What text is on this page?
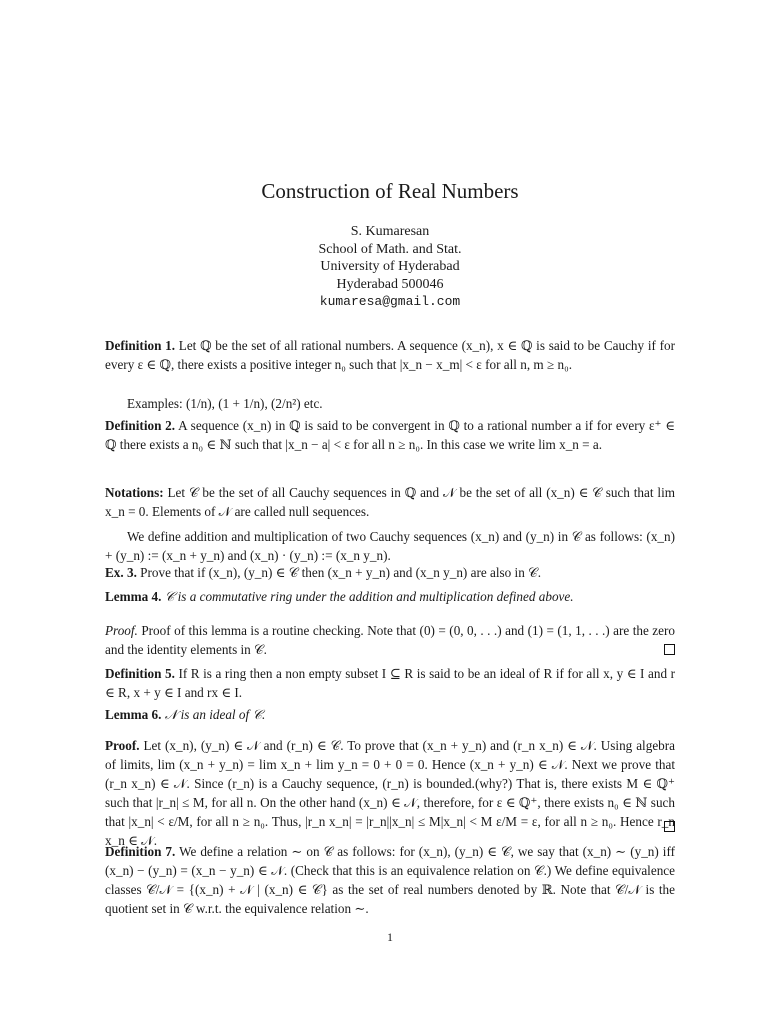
Construction of Real Numbers
S. Kumaresan
School of Math. and Stat.
University of Hyderabad
Hyderabad 500046
kumaresa@gmail.com

Definition 1. Let ℚ be the set of all rational numbers. A sequence (x_n), x ∈ ℚ is said to be Cauchy if for every ε ∈ ℚ, there exists a positive integer n₀ such that |x_n − x_m| < ε for all n, m ≥ n₀.

Examples: (1/n), (1 + 1/n), (2/n²) etc.

Definition 2. A sequence (x_n) in ℚ is said to be convergent in ℚ to a rational number a if for every ε⁺ ∈ ℚ there exists a n₀ ∈ ℕ such that |x_n − a| < ε for all n ≥ n₀. In this case we write lim x_n = a.

Notations: Let 𝒞 be the set of all Cauchy sequences in ℚ and 𝒩 be the set of all (x_n) ∈ 𝒞 such that lim x_n = 0. Elements of 𝒩 are called null sequences.

We define addition and multiplication of two Cauchy sequences (x_n) and (y_n) in 𝒞 as follows: (x_n) + (y_n) := (x_n + y_n) and (x_n) · (y_n) := (x_n y_n).

Ex. 3. Prove that if (x_n), (y_n) ∈ 𝒞 then (x_n + y_n) and (x_n y_n) are also in 𝒞.

Lemma 4. 𝒞 is a commutative ring under the addition and multiplication defined above.

Proof. Proof of this lemma is a routine checking. Note that (0) = (0, 0, . . .) and (1) = (1, 1, . . .) are the zero and the identity elements in 𝒞.

Definition 5. If R is a ring then a non empty subset I ⊆ R is said to be an ideal of R if for all x, y ∈ I and r ∈ R, x + y ∈ I and rx ∈ I.

Lemma 6. 𝒩 is an ideal of 𝒞.

Proof. Let (x_n), (y_n) ∈ 𝒩 and (r_n) ∈ 𝒞. To prove that (x_n + y_n) and (r_n x_n) ∈ 𝒩. Using algebra of limits, lim (x_n + y_n) = lim x_n + lim y_n = 0 + 0 = 0. Hence (x_n + y_n) ∈ 𝒩. Next we prove that (r_n x_n) ∈ 𝒩. Since (r_n) is a Cauchy sequence, (r_n) is bounded.(why?) That is, there exists M ∈ ℚ⁺ such that |r_n| ≤ M, for all n. On the other hand (x_n) ∈ 𝒩, therefore, for ε ∈ ℚ⁺, there exists n₀ ∈ ℕ such that |x_n| < ε/M, for all n ≥ n₀. Thus, |r_n x_n| = |r_n||x_n| ≤ M|x_n| < M ε/M = ε, for all n ≥ n₀. Hence r_n x_n ∈ 𝒩.

Definition 7. We define a relation ∼ on 𝒞 as follows: for (x_n), (y_n) ∈ 𝒞, we say that (x_n) ∼ (y_n) iff (x_n) − (y_n) = (x_n − y_n) ∈ 𝒩. (Check that this is an equivalence relation on 𝒞.) We define equivalence classes 𝒞/𝒩 = {(x_n) + 𝒩 | (x_n) ∈ 𝒞} as the set of real numbers denoted by ℝ. Note that 𝒞/𝒩 is the quotient set in 𝒞 w.r.t. the equivalence relation ∼.

1
